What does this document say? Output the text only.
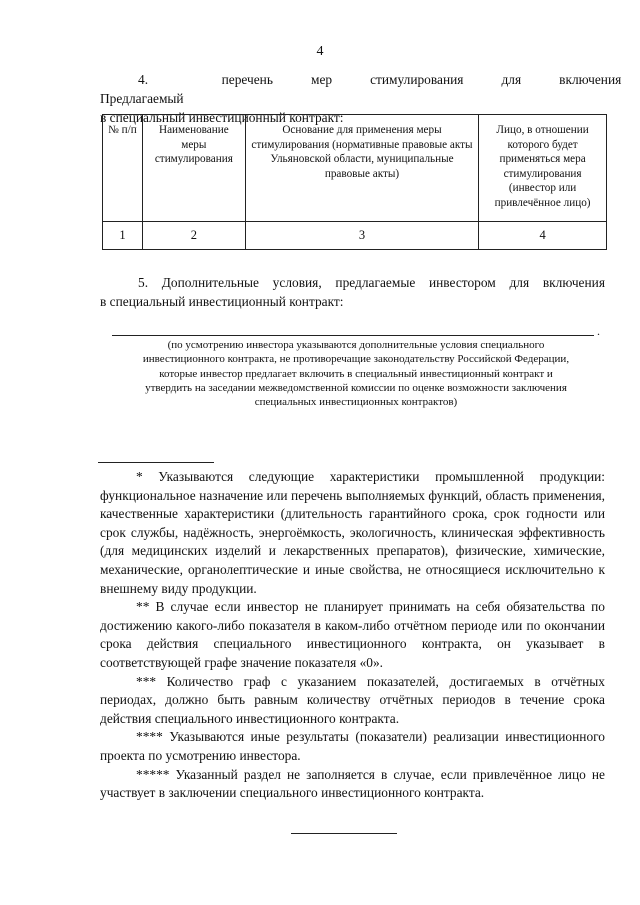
4
4. Предлагаемый
перечень	мер	стимулирования	для	включения
в специальный инвестиционный контракт:
№ п/п	Наименование меры стимулирования	Основание для применения меры стимулирования (нормативные правовые акты Ульяновской области, муниципальные правовые акты)	Лицо, в отношении которого будет применяться мера стимулирования (инвестор или привлечённое лицо)
1	2	3	4
5. Дополнительные условия, предлагаемые инвестором для включения
в специальный инвестиционный контракт:
.
(по усмотрению инвестора указываются дополнительные условия специального
инвестиционного контракта, не противоречащие законодательству Российской Федерации,
которые инвестор предлагает включить в специальный инвестиционный контракт и
утвердить на заседании межведомственной комиссии по оценке возможности заключения
специальных инвестиционных контрактов)

* Указываются следующие характеристики промышленной продукции: функциональное назначение или перечень выполняемых функций, область применения, качественные характеристики (длительность гарантийного срока, срок годности или срок службы, надёжность, энергоёмкость, экологичность, клиническая эффективность (для медицинских изделий и лекарственных препаратов), физические, химические, механические, органолептические и иные свойства, не относящиеся исключительно к внешнему виду продукции.

** В случае если инвестор не планирует принимать на себя обязательства по достижению какого-либо показателя в каком-либо отчётном периоде или по окончании срока действия специального инвестиционного контракта, он указывает в соответствующей графе значение показателя «0».

*** Количество граф с указанием показателей, достигаемых в отчётных периодах, должно быть равным количеству отчётных периодов в течение срока действия специального инвестиционного контракта.

**** Указываются иные результаты (показатели) реализации инвестиционного проекта по усмотрению инвестора.

***** Указанный раздел не заполняется в случае, если привлечённое лицо не участвует в заключении специального инвестиционного контракта.
